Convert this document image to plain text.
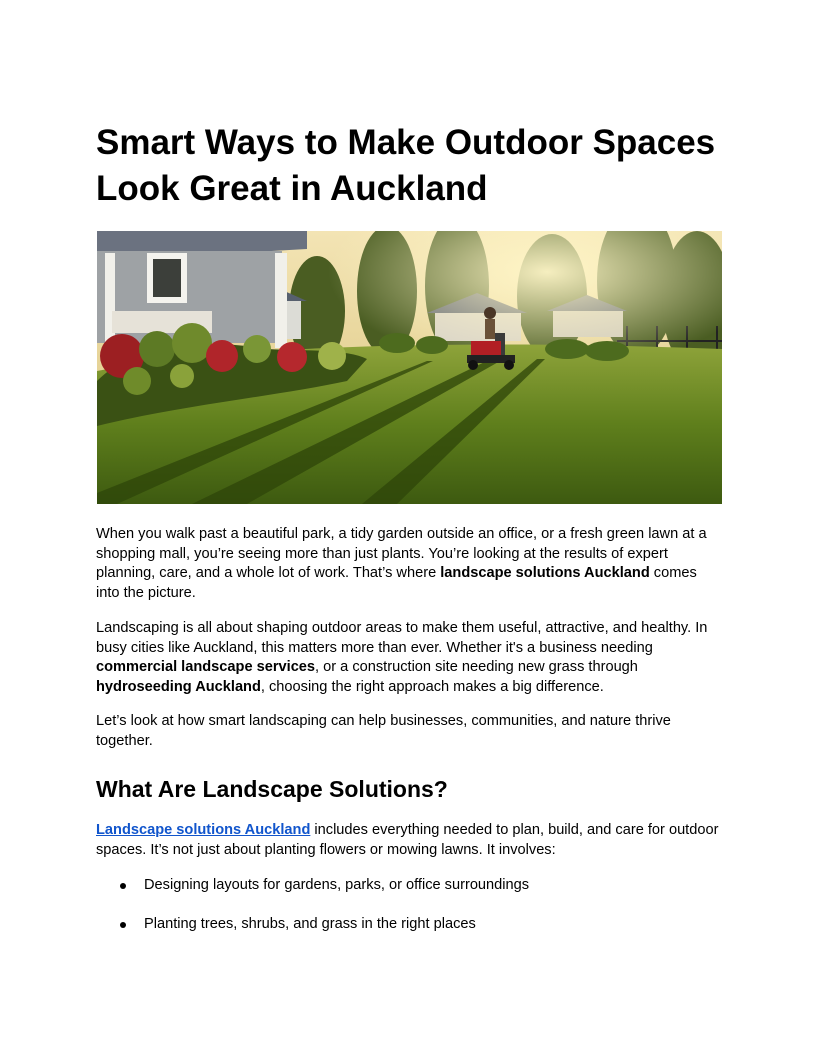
Smart Ways to Make Outdoor Spaces Look Great in Auckland

When you walk past a beautiful park, a tidy garden outside an office, or a fresh green lawn at a shopping mall, you’re seeing more than just plants. You’re looking at the results of expert planning, care, and a whole lot of work. That’s where landscape solutions Auckland comes into the picture.

Landscaping is all about shaping outdoor areas to make them useful, attractive, and healthy. In busy cities like Auckland, this matters more than ever. Whether it's a business needing commercial landscape services, or a construction site needing new grass through hydroseeding Auckland, choosing the right approach makes a big difference.

Let’s look at how smart landscaping can help businesses, communities, and nature thrive together.

What Are Landscape Solutions?

Landscape solutions Auckland includes everything needed to plan, build, and care for outdoor spaces. It’s not just about planting flowers or mowing lawns. It involves:

Designing layouts for gardens, parks, or office surroundings
Planting trees, shrubs, and grass in the right places
